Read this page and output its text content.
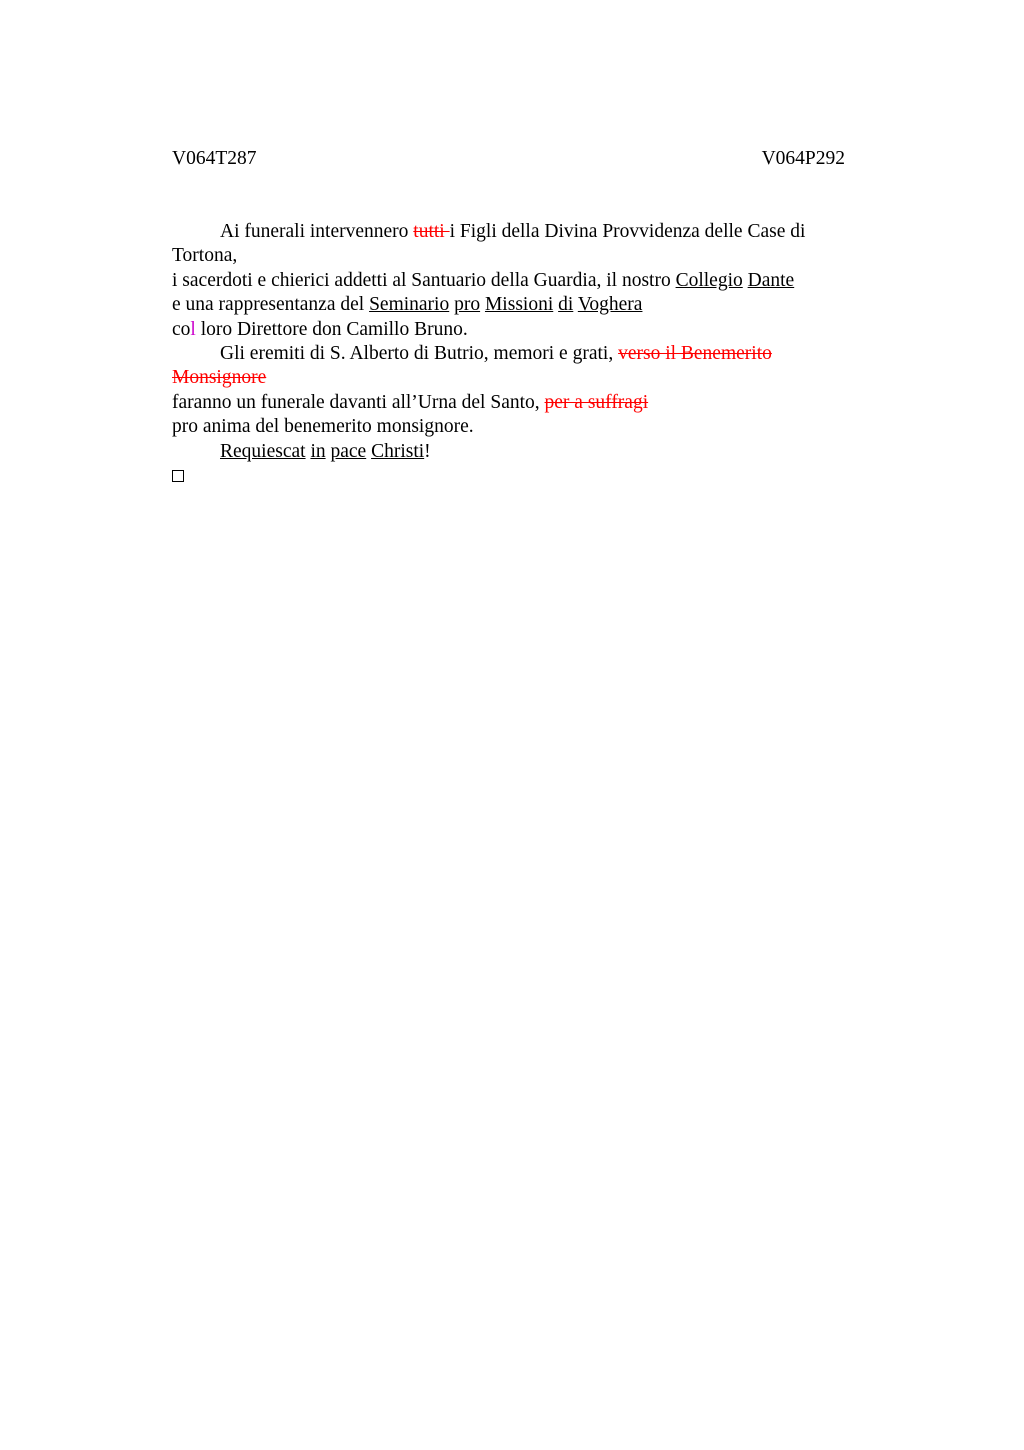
V064T287	V064P292
Ai funerali intervennero tutti i Figli della Divina Provvidenza delle Case di
Tortona,
i sacerdoti e chierici addetti al Santuario della Guardia, il nostro Collegio Dante
e una rappresentanza del Seminario pro Missioni di Voghera
col loro Direttore don Camillo Bruno.
Gli eremiti di S. Alberto di Butrio, memori e grati, verso il Benemerito
Monsignore
faranno un funerale davanti all’Urna del Santo, per a suffragi
pro anima del benemerito monsignore.
Requiescat in pace Christi!
